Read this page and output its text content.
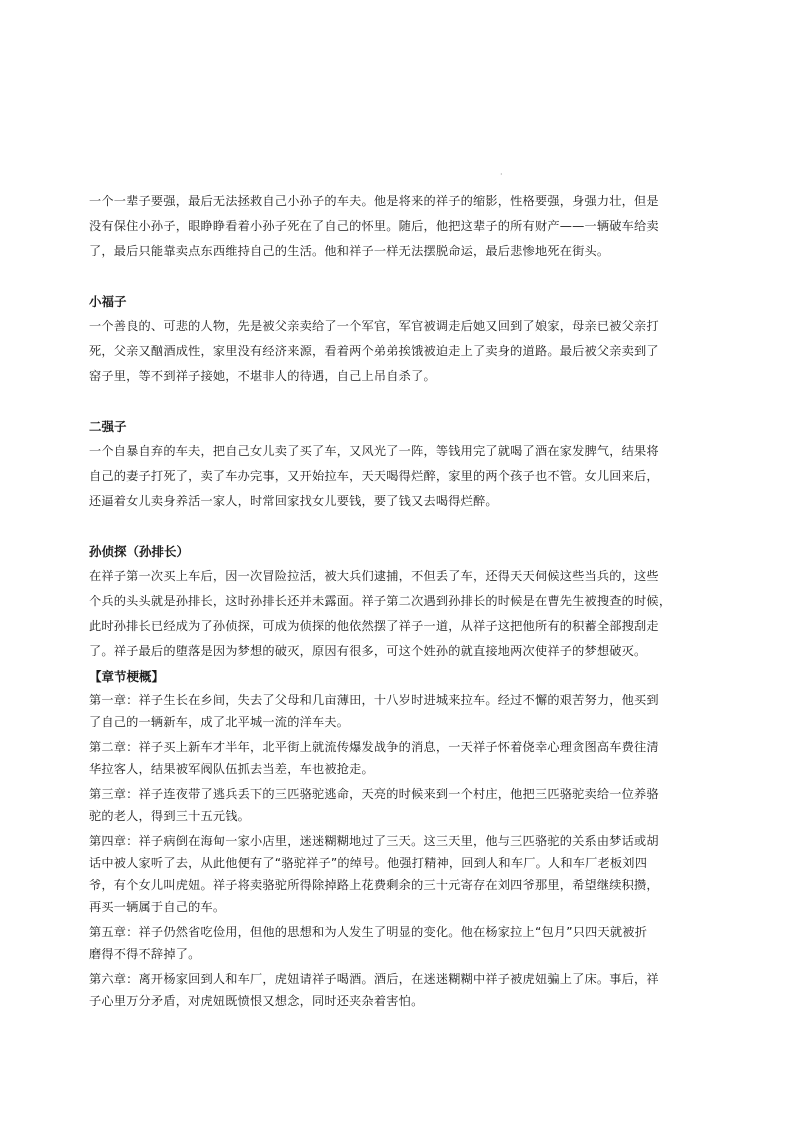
·

一个一辈子要强，最后无法拯救自己小孙子的车夫。他是将来的祥子的缩影，性格要强，身强力壮，但是
没有保住小孙子，眼睁睁看着小孙子死在了自己的怀里。随后，他把这辈子的所有财产——一辆破车给卖
了，最后只能靠卖点东西维持自己的生活。他和祥子一样无法摆脱命运，最后悲惨地死在街头。

小福子

一个善良的、可悲的人物，先是被父亲卖给了一个军官，军官被调走后她又回到了娘家，母亲已被父亲打
死，父亲又酗酒成性，家里没有经济来源，看着两个弟弟挨饿被迫走上了卖身的道路。最后被父亲卖到了
窑子里，等不到祥子接她，不堪非人的待遇，自己上吊自杀了。

二强子

一个自暴自弃的车夫，把自己女儿卖了买了车，又风光了一阵，等钱用完了就喝了酒在家发脾气，结果将
自己的妻子打死了，卖了车办完事，又开始拉车，天天喝得烂醉，家里的两个孩子也不管。女儿回来后，
还逼着女儿卖身养活一家人，时常回家找女儿要钱，要了钱又去喝得烂醉。

孙侦探（孙排长）

在祥子第一次买上车后，因一次冒险拉活，被大兵们逮捕，不但丢了车，还得天天伺候这些当兵的，这些
个兵的头头就是孙排长，这时孙排长还并未露面。祥子第二次遇到孙排长的时候是在曹先生被搜查的时候，
此时孙排长已经成为了孙侦探，可成为侦探的他依然摆了祥子一道，从祥子这把他所有的积蓄全部搜刮走
了。祥子最后的堕落是因为梦想的破灭，原因有很多，可这个姓孙的就直接地两次使祥子的梦想破灭。

【章节梗概】

第一章：祥子生长在乡间，失去了父母和几亩薄田，十八岁时进城来拉车。经过不懈的艰苦努力，他买到
了自己的一辆新车，成了北平城一流的洋车夫。

第二章：祥子买上新车才半年，北平街上就流传爆发战争的消息，一天祥子怀着侥幸心理贪图高车费往清
华拉客人，结果被军阀队伍抓去当差，车也被抢走。

第三章：祥子连夜带了逃兵丢下的三匹骆驼逃命，天亮的时候来到一个村庄，他把三匹骆驼卖给一位养骆
驼的老人，得到三十五元钱。

第四章：祥子病倒在海甸一家小店里，迷迷糊糊地过了三天。这三天里，他与三匹骆驼的关系由梦话或胡
话中被人家听了去，从此他便有了“骆驼祥子”的绰号。他强打精神，回到人和车厂。人和车厂老板刘四
爷，有个女儿叫虎妞。祥子将卖骆驼所得除掉路上花费剩余的三十元寄存在刘四爷那里，希望继续积攒，
再买一辆属于自己的车。

第五章：祥子仍然省吃俭用，但他的思想和为人发生了明显的变化。他在杨家拉上“包月”只四天就被折
磨得不得不辞掉了。

第六章：离开杨家回到人和车厂，虎妞请祥子喝酒。酒后，在迷迷糊糊中祥子被虎妞骗上了床。事后，祥
子心里万分矛盾，对虎妞既愤恨又想念，同时还夹杂着害怕。
